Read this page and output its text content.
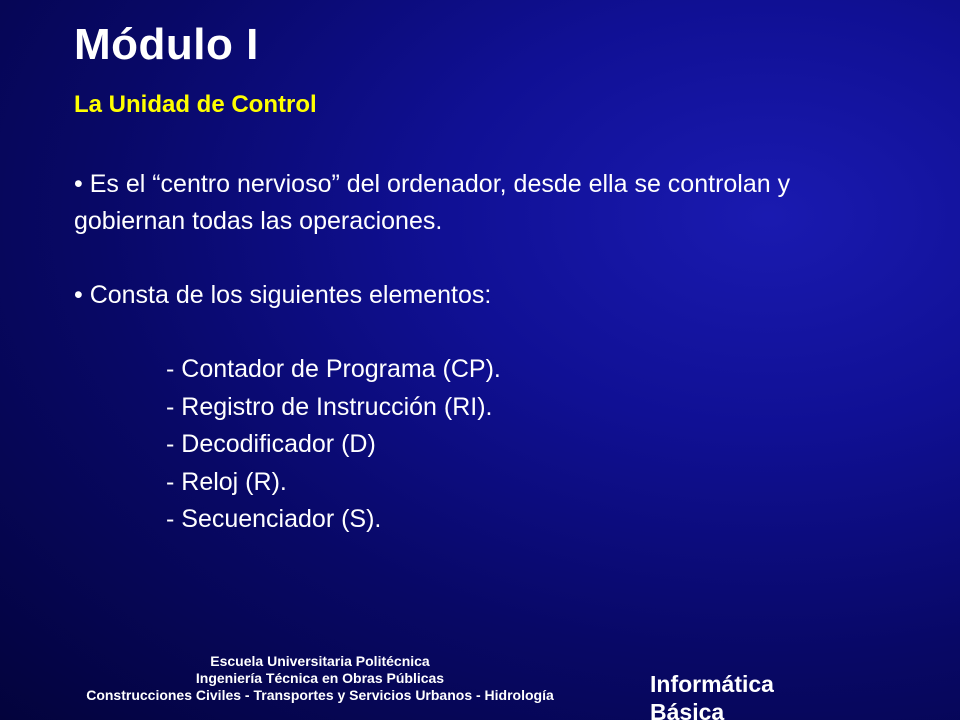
Módulo I
La Unidad de Control

• Es el “centro nervioso” del ordenador, desde ella se controlan y gobiernan todas las operaciones.

• Consta de los siguientes elementos:

- Contador de Programa (CP).
- Registro de Instrucción (RI).
- Decodificador (D)
- Reloj (R).
- Secuenciador (S).
Escuela Universitaria Politécnica
Ingeniería Técnica en Obras Públicas
Construcciones Civiles - Transportes y Servicios Urbanos - Hidrología	Informática
Básica
